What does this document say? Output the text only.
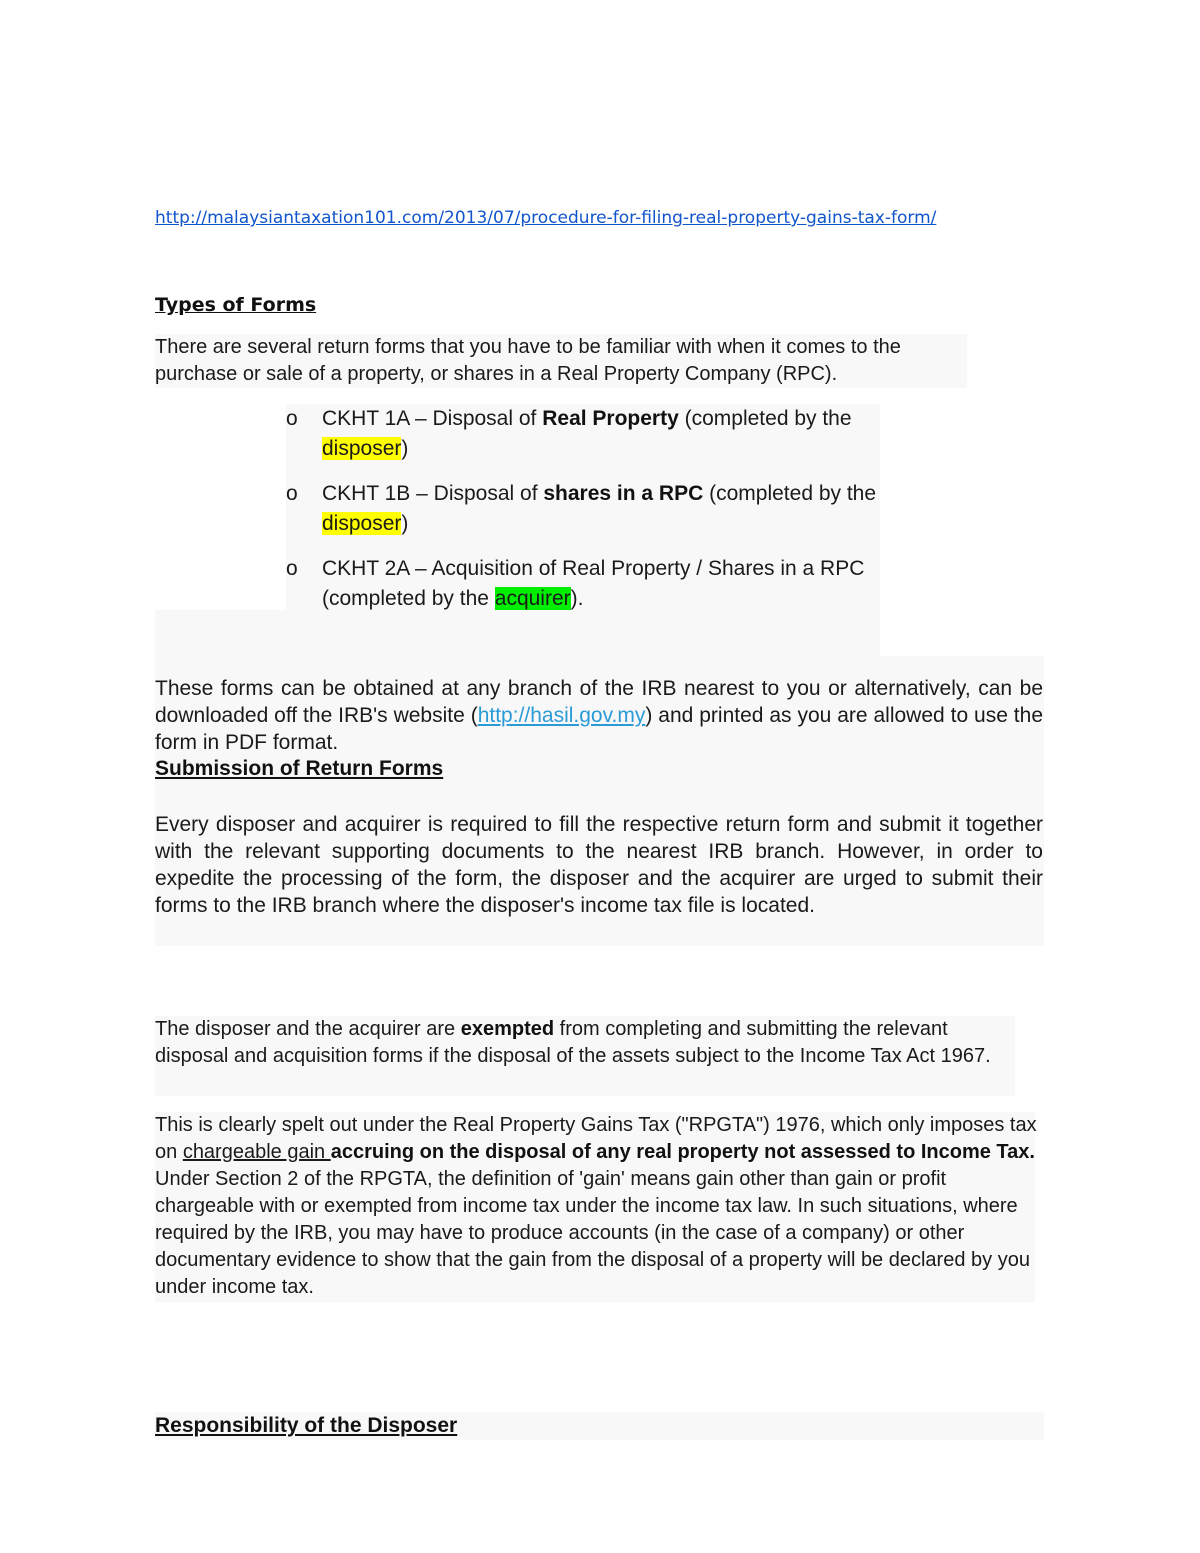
http://malaysiantaxation101.com/2013/07/procedure-for-filing-real-property-gains-tax-form/
Types of Forms

There are several return forms that you have to be familiar with when it comes to the purchase or sale of a property, or shares in a Real Property Company (RPC).

o CKHT 1A – Disposal of Real Property (completed by the disposer)
o CKHT 1B – Disposal of shares in a RPC (completed by the disposer)
o CKHT 2A – Acquisition of Real Property / Shares in a RPC (completed by the acquirer).

These forms can be obtained at any branch of the IRB nearest to you or alternatively, can be downloaded off the IRB's website (http://hasil.gov.my) and printed as you are allowed to use the form in PDF format.

Submission of Return Forms

Every disposer and acquirer is required to fill the respective return form and submit it together with the relevant supporting documents to the nearest IRB branch. However, in order to expedite the processing of the form, the disposer and the acquirer are urged to submit their forms to the IRB branch where the disposer's income tax file is located.

The disposer and the acquirer are exempted from completing and submitting the relevant disposal and acquisition forms if the disposal of the assets subject to the Income Tax Act 1967.

This is clearly spelt out under the Real Property Gains Tax ("RPGTA") 1976, which only imposes tax on chargeable gain accruing on the disposal of any real property not assessed to Income Tax. Under Section 2 of the RPGTA, the definition of 'gain' means gain other than gain or profit chargeable with or exempted from income tax under the income tax law. In such situations, where required by the IRB, you may have to produce accounts (in the case of a company) or other documentary evidence to show that the gain from the disposal of a property will be declared by you under income tax.

Responsibility of the Disposer
